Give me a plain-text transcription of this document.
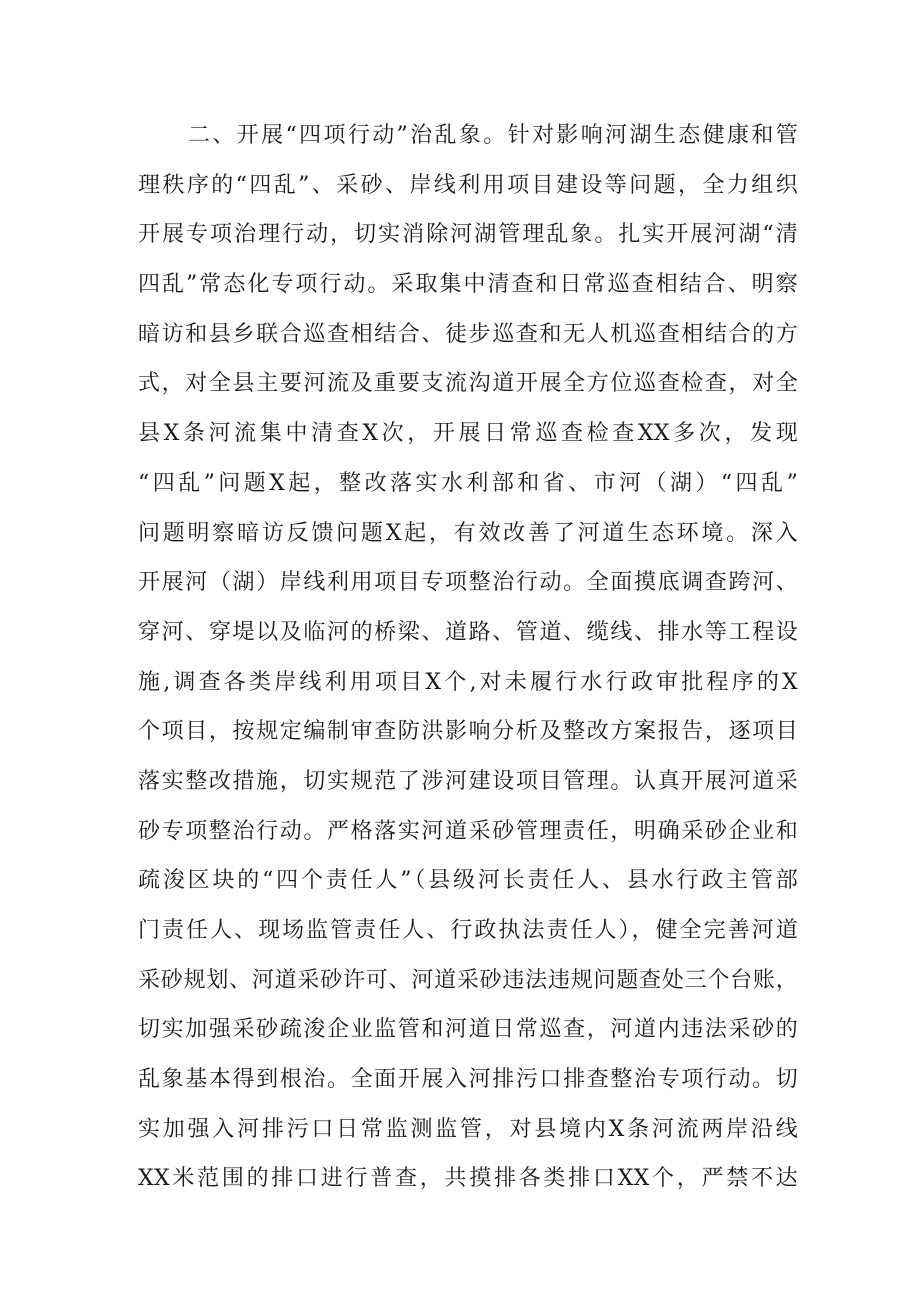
二、开展“四项行动”治乱象。针对影响河湖生态健康和管
理秩序的“四乱”、采砂、岸线利用项目建设等问题，全力组织
开展专项治理行动，切实消除河湖管理乱象。扎实开展河湖“清
四乱”常态化专项行动。采取集中清查和日常巡查相结合、明察
暗访和县乡联合巡查相结合、徒步巡查和无人机巡查相结合的方
式，对全县主要河流及重要支流沟道开展全方位巡查检查，对全
县X条河流集中清查X次，开展日常巡查检查XX多次，发现
“四乱”问题X起，整改落实水利部和省、市河（湖）“四乱”
问题明察暗访反馈问题X起，有效改善了河道生态环境。深入
开展河（湖）岸线利用项目专项整治行动。全面摸底调查跨河、
穿河、穿堤以及临河的桥梁、道路、管道、缆线、排水等工程设
施,调查各类岸线利用项目X个,对未履行水行政审批程序的X
个项目，按规定编制审查防洪影响分析及整改方案报告，逐项目
落实整改措施，切实规范了涉河建设项目管理。认真开展河道采
砂专项整治行动。严格落实河道采砂管理责任，明确采砂企业和
疏浚区块的“四个责任人”（县级河长责任人、县水行政主管部
门责任人、现场监管责任人、行政执法责任人），健全完善河道
采砂规划、河道采砂许可、河道采砂违法违规问题查处三个台账，
切实加强采砂疏浚企业监管和河道日常巡查，河道内违法采砂的
乱象基本得到根治。全面开展入河排污口排查整治专项行动。切
实加强入河排污口日常监测监管，对县境内X条河流两岸沿线
XX米范围的排口进行普查，共摸排各类排口XX个，严禁不达
